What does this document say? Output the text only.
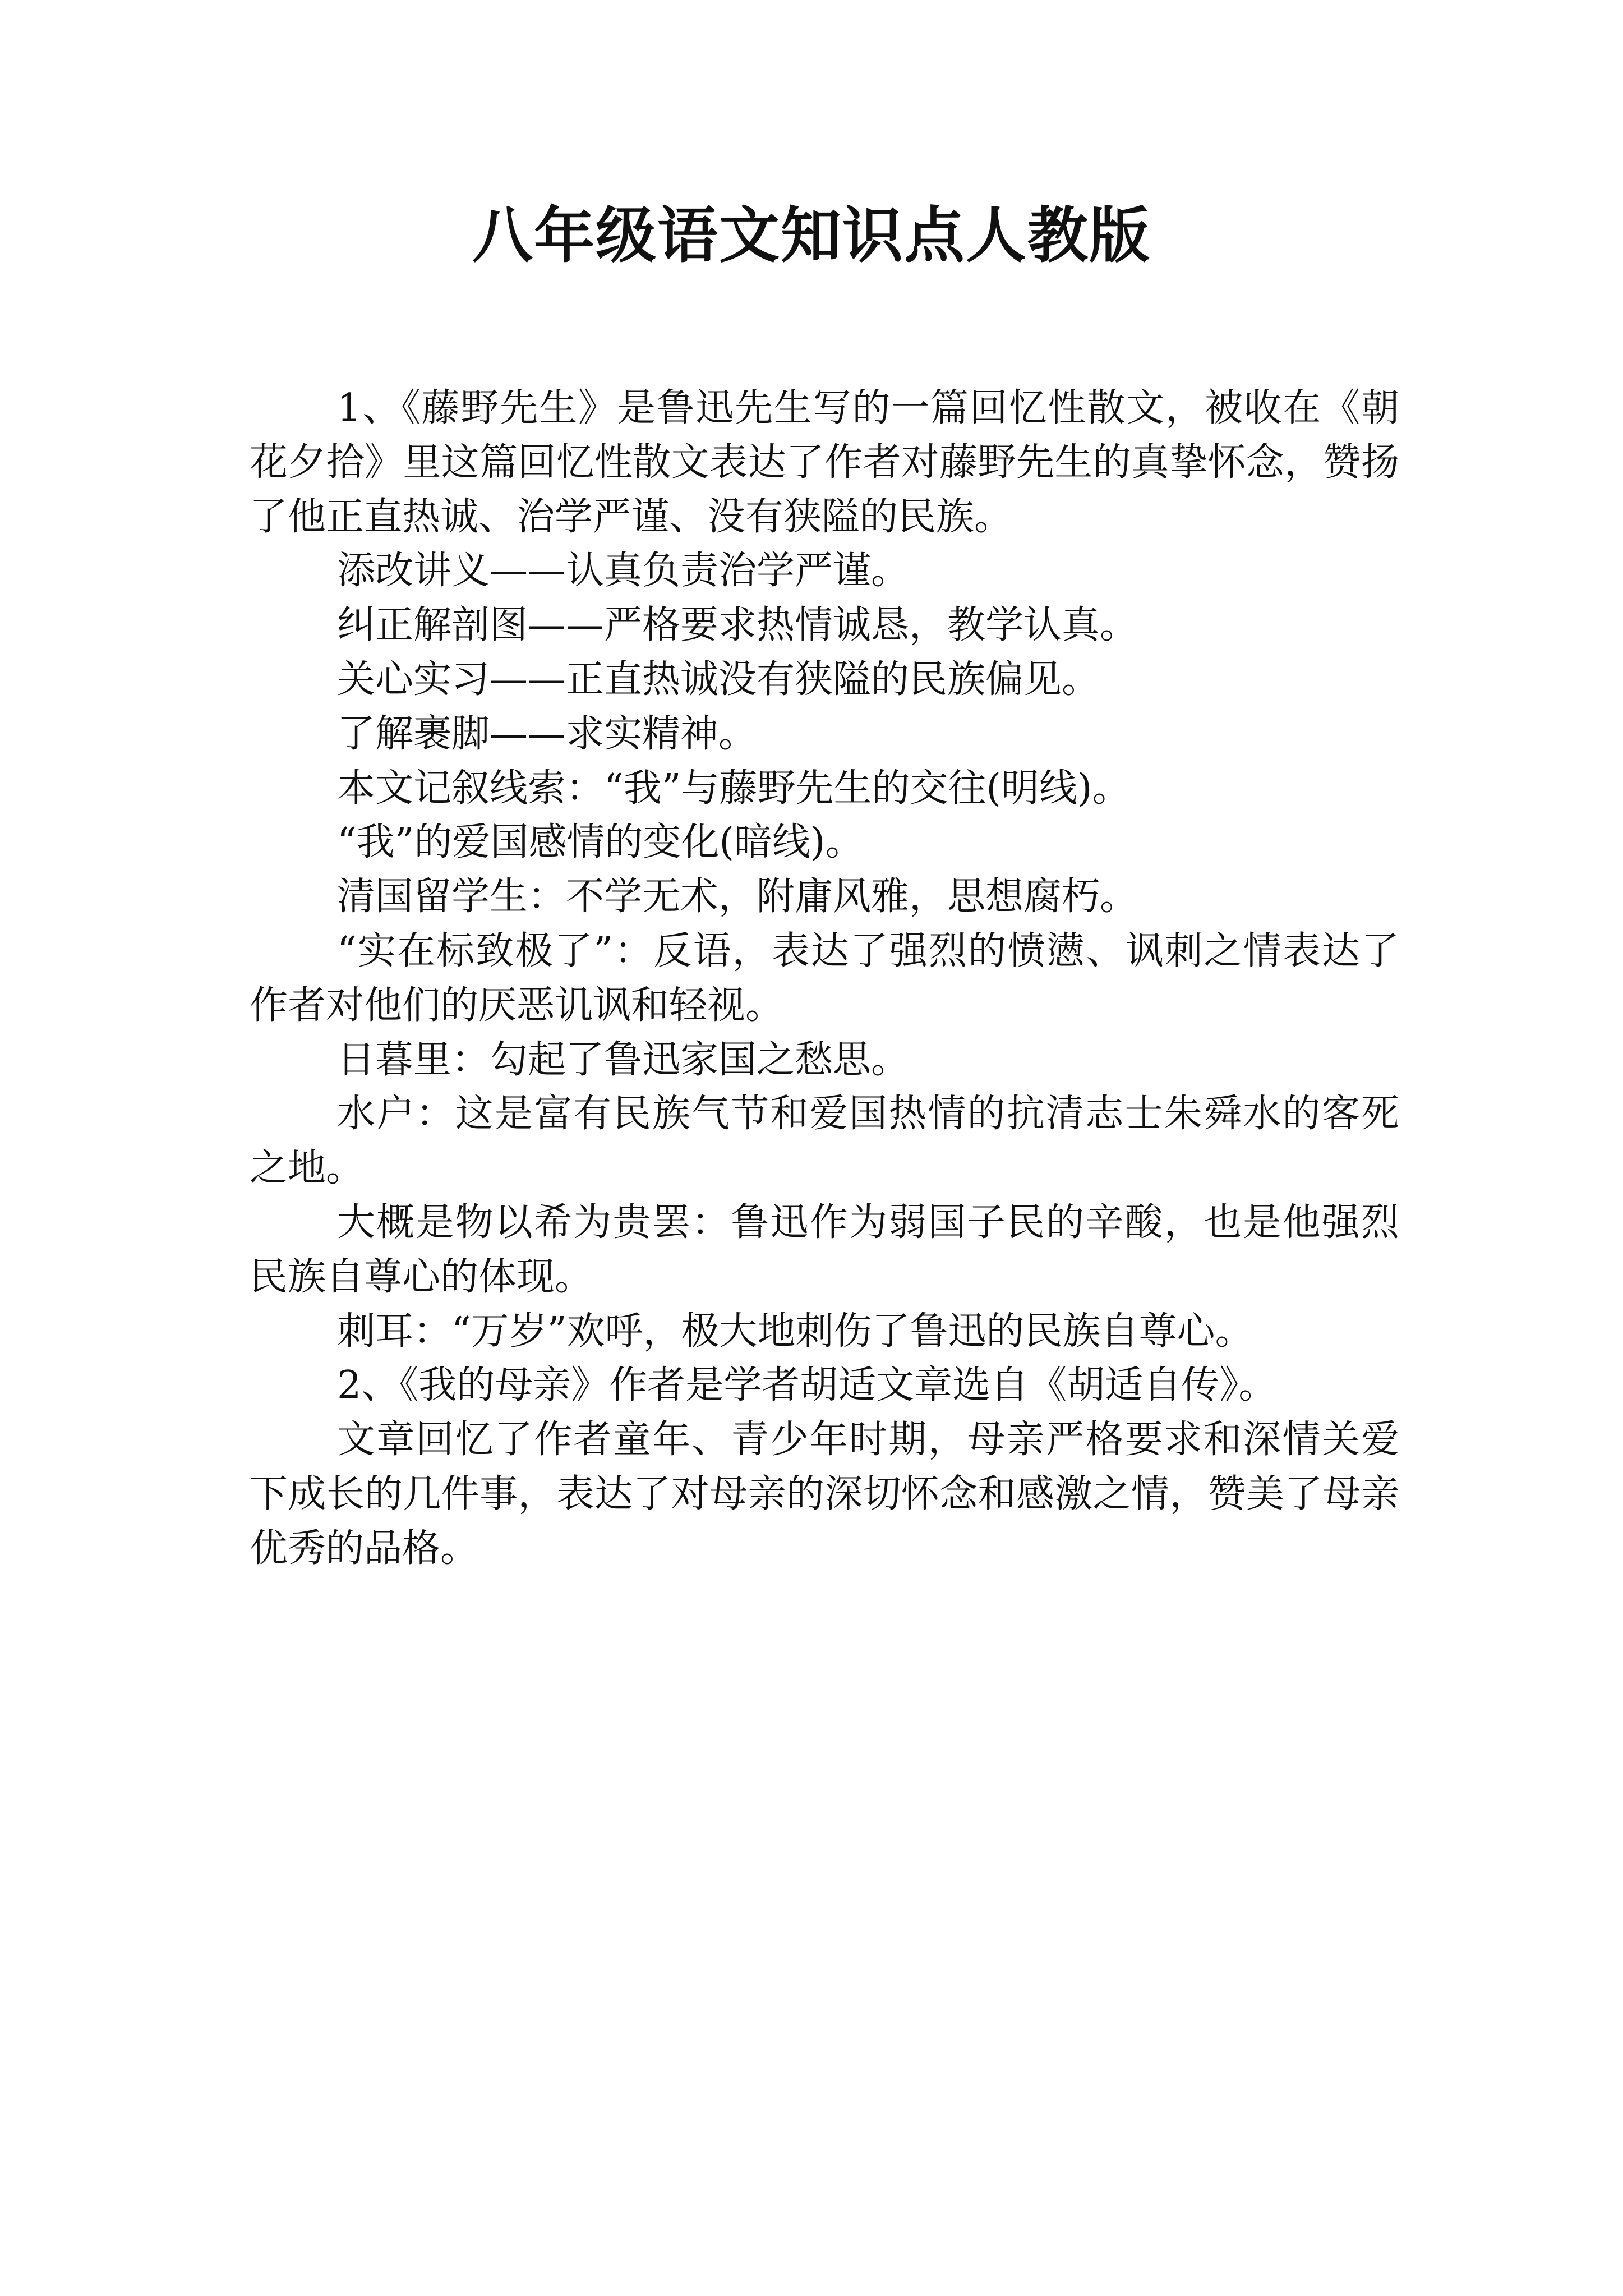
八年级语文知识点人教版

1、《藤野先生》是鲁迅先生写的一篇回忆性散文，被收在《朝花夕拾》里这篇回忆性散文表达了作者对藤野先生的真挚怀念，赞扬了他正直热诚、治学严谨、没有狭隘的民族。

添改讲义——认真负责治学严谨。

纠正解剖图——严格要求热情诚恳，教学认真。

关心实习——正直热诚没有狭隘的民族偏见。

了解裹脚——求实精神。

本文记叙线索：“我”与藤野先生的交往(明线)。

“我”的爱国感情的变化(暗线)。

清国留学生：不学无术，附庸风雅，思想腐朽。

“实在标致极了”：反语，表达了强烈的愤懑、讽刺之情表达了作者对他们的厌恶讥讽和轻视。

日暮里：勾起了鲁迅家国之愁思。

水户：这是富有民族气节和爱国热情的抗清志士朱舜水的客死之地。

大概是物以希为贵罢：鲁迅作为弱国子民的辛酸，也是他强烈民族自尊心的体现。

刺耳：“万岁”欢呼，极大地刺伤了鲁迅的民族自尊心。

2、《我的母亲》作者是学者胡适文章选自《胡适自传》。

文章回忆了作者童年、青少年时期，母亲严格要求和深情关爱下成长的几件事，表达了对母亲的深切怀念和感激之情，赞美了母亲优秀的品格。
